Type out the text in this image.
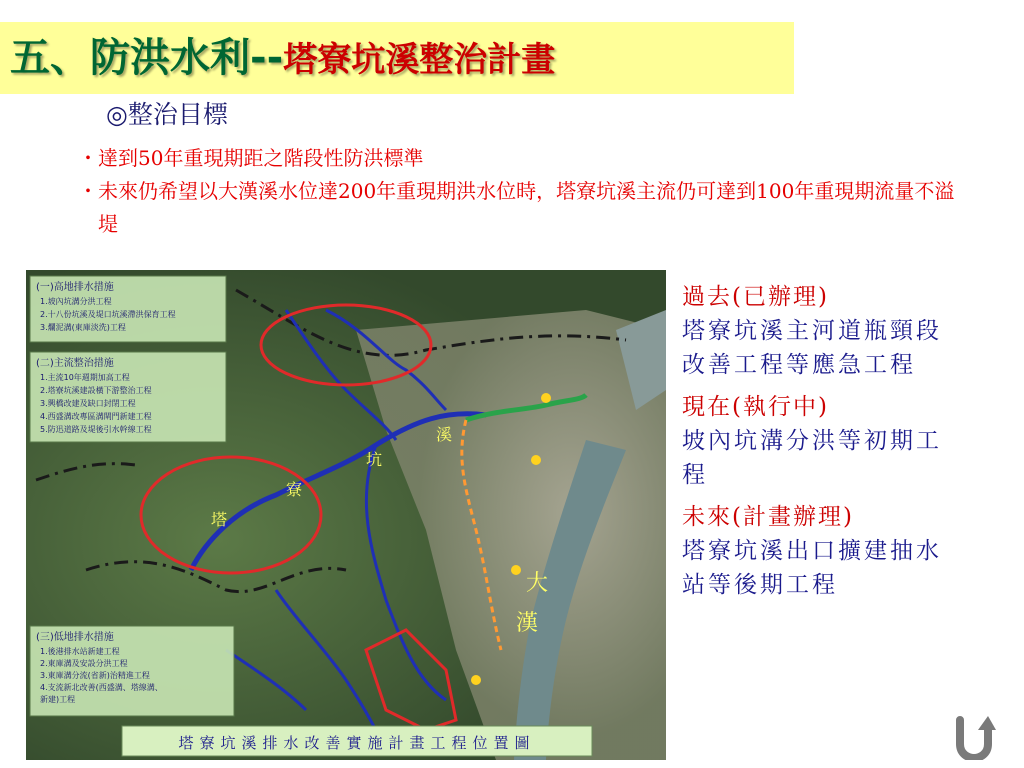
五、防洪水利--塔寮坑溪整治計畫
◎整治目標
・ 達到50年重現期距之階段性防洪標準
・ 未來仍希望以大漢溪水位達200年重現期洪水位時，塔寮坑溪主流仍可達到100年重現期流量不溢堤
塔
寮
坑
溪
大
漢
(一)高地排水措施
1.坡內坑溝分洪工程
2.十八份坑溪及堤口坑溪滯洪保育工程
3.爛泥溝(東庫淡洗)工程
(二)主流整治措施
1.主流10年週期加高工程
2.塔寮坑溪建設橫下游整治工程
3.興橋改建及缺口封閉工程
4.西盛溝改專區溝閘門新建工程
5.防迅道路及堤後引水幹線工程
(三)低地排水措施
1.後港排水站新建工程
2.東庫溝及安設分洪工程
3.東庫溝分流(省新)治精進工程
4.支流新北改善(西盛溝、塔線溝、
新建)工程
塔寮坑溪排水改善實施計畫工程位置圖
過去(已辦理)
塔寮坑溪主河道瓶頸段改善工程等應急工程
現在(執行中)
坡內坑溝分洪等初期工程
未來(計畫辦理)
塔寮坑溪出口擴建抽水站等後期工程
